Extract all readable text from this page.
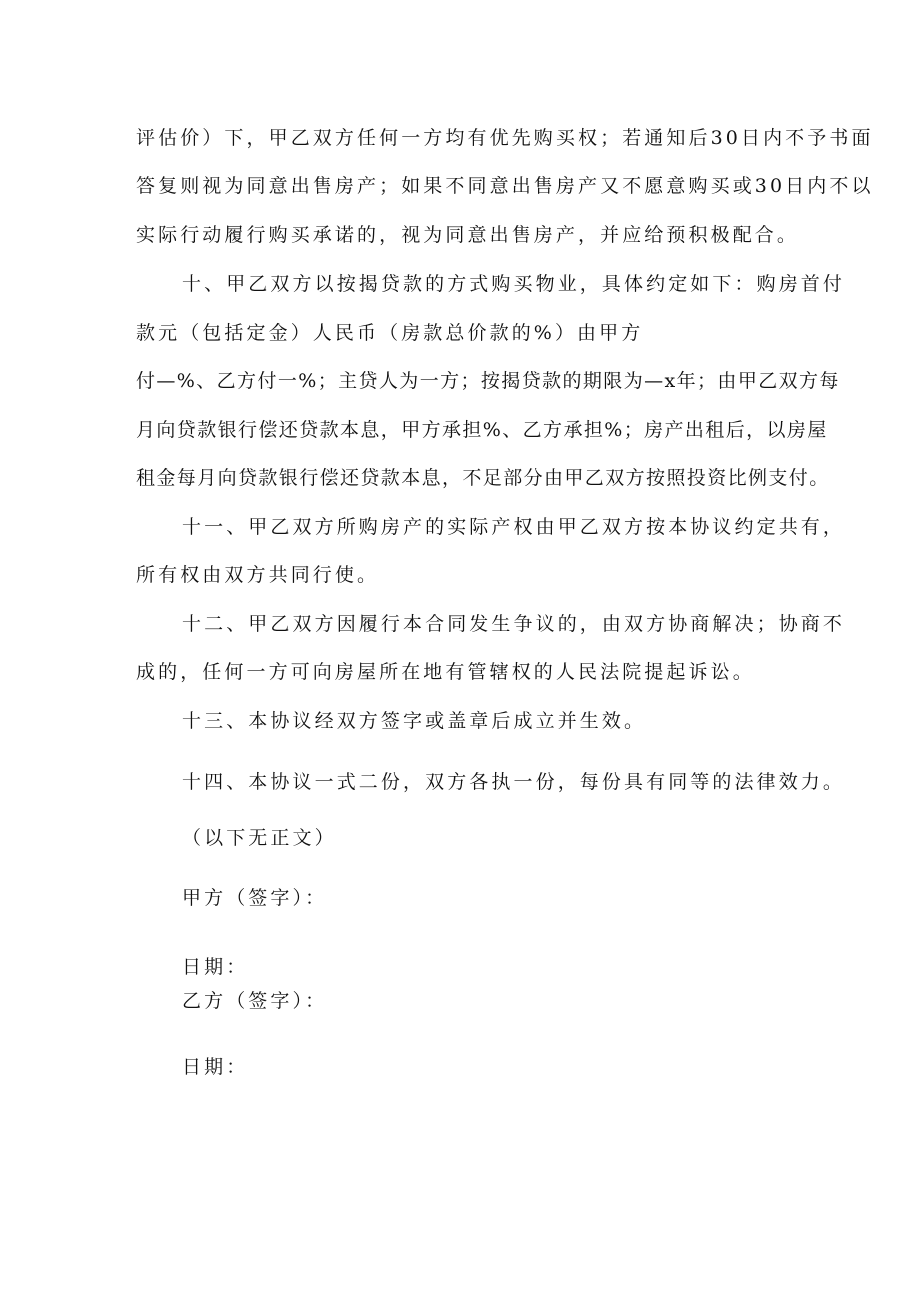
评估价）下，甲乙双方任何一方均有优先购买权；若通知后30日内不予书面
答复则视为同意出售房产；如果不同意出售房产又不愿意购买或30日内不以
实际行动履行购买承诺的，视为同意出售房产，并应给预积极配合。
十、甲乙双方以按揭贷款的方式购买物业，具体约定如下：购房首付
款元（包括定金）人民币（房款总价款的%）由甲方
付—%、乙方付一%；主贷人为一方；按揭贷款的期限为—x年；由甲乙双方每
月向贷款银行偿还贷款本息，甲方承担%、乙方承担%；房产出租后，以房屋
租金每月向贷款银行偿还贷款本息，不足部分由甲乙双方按照投资比例支付。
十一、甲乙双方所购房产的实际产权由甲乙双方按本协议约定共有，
所有权由双方共同行使。
十二、甲乙双方因履行本合同发生争议的，由双方协商解决；协商不
成的，任何一方可向房屋所在地有管辖权的人民法院提起诉讼。
十三、本协议经双方签字或盖章后成立并生效。
十四、本协议一式二份，双方各执一份，每份具有同等的法律效力。
（以下无正文）
甲方（签字）：
日期：
乙方（签字）：
日期：
